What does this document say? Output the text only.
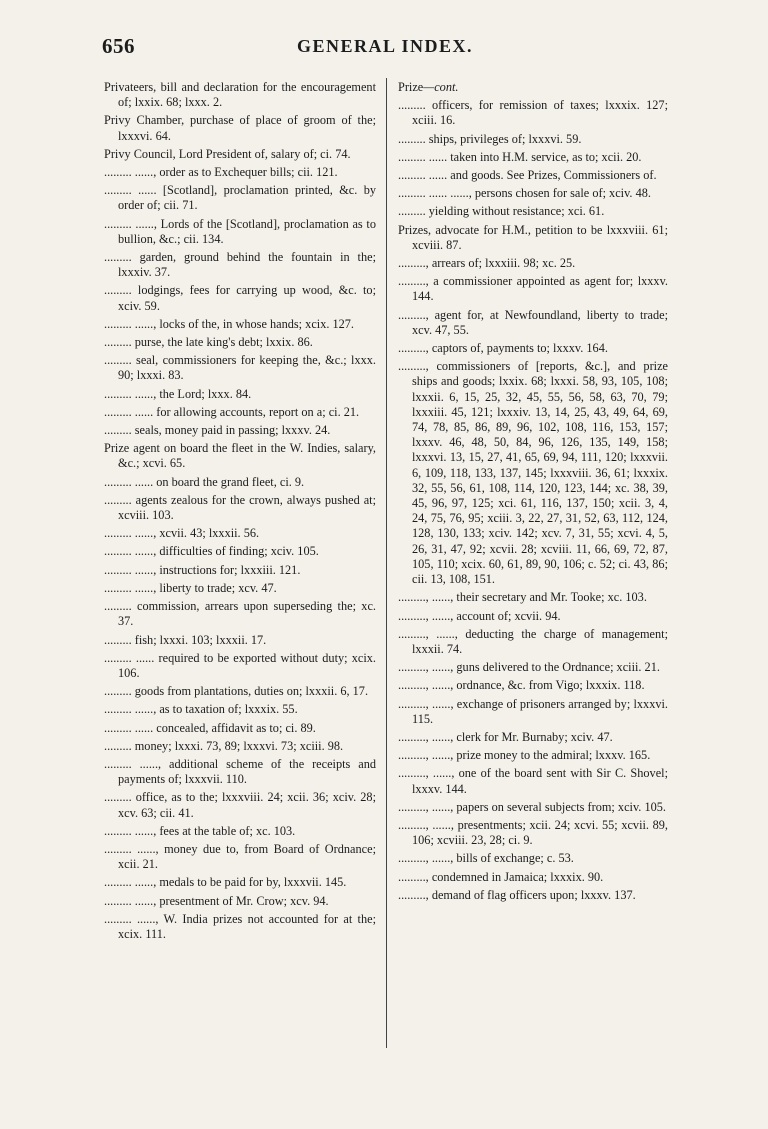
656	GENERAL INDEX.
Privateers, bill and declaration for the encouragement of; lxxix. 68; lxxx. 2.
Privy Chamber, purchase of place of groom of the; lxxxvi. 64.
Privy Council, Lord President of, salary of; ci. 74.
......... ......, order as to Exchequer bills; cii. 121.
......... ...... [Scotland], proclamation printed, &c. by order of; cii. 71.
......... ......, Lords of the [Scotland], proclamation as to bullion, &c.; cii. 134.
......... garden, ground behind the fountain in the; lxxxiv. 37.
......... lodgings, fees for carrying up wood, &c. to; xciv. 59.
......... ......, locks of the, in whose hands; xcix. 127.
......... purse, the late king's debt; lxxix. 86.
......... seal, commissioners for keeping the, &c.; lxxx. 90; lxxxi. 83.
......... ......, the Lord; lxxx. 84.
......... ...... for allowing accounts, report on a; ci. 21.
......... seals, money paid in passing; lxxxv. 24.
Prize agent on board the fleet in the W. Indies, salary, &c.; xcvi. 65.
......... ...... on board the grand fleet, ci. 9.
......... agents zealous for the crown, always pushed at; xcviii. 103.
......... ......, xcvii. 43; lxxxii. 56.
......... ......, difficulties of finding; xciv. 105.
......... ......, instructions for; lxxxiii. 121.
......... ......, liberty to trade; xcv. 47.
......... commission, arrears upon superseding the; xc. 37.
......... fish; lxxxi. 103; lxxxii. 17.
......... ...... required to be exported without duty; xcix. 106.
......... goods from plantations, duties on; lxxxii. 6, 17.
......... ......, as to taxation of; lxxxix. 55.
......... ...... concealed, affidavit as to; ci. 89.
......... money; lxxxi. 73, 89; lxxxvi. 73; xciii. 98.
......... ......, additional scheme of the receipts and payments of; lxxxvii. 110.
......... office, as to the; lxxxviii. 24; xcii. 36; xciv. 28; xcv. 63; cii. 41.
......... ......, fees at the table of; xc. 103.
......... ......, money due to, from Board of Ordnance; xcii. 21.
......... ......, medals to be paid for by, lxxxvii. 145.
......... ......, presentment of Mr. Crow; xcv. 94.
......... ......, W. India prizes not accounted for at the; xcix. 111.
Prize—cont.
......... officers, for remission of taxes; lxxxix. 127; xciii. 16.
......... ships, privileges of; lxxxvi. 59.
......... ...... taken into H.M. service, as to; xcii. 20.
......... ...... and goods. See Prizes, Commissioners of.
......... ...... ......, persons chosen for sale of; xciv. 48.
......... yielding without resistance; xci. 61.
Prizes, advocate for H.M., petition to be lxxxviii. 61; xcviii. 87.
........., arrears of; lxxxiii. 98; xc. 25.
........., a commissioner appointed as agent for; lxxxv. 144.
........., agent for, at Newfoundland, liberty to trade; xcv. 47, 55.
........., captors of, payments to; lxxxv. 164.
........., commissioners of [reports, &c.], and prize ships and goods; lxxix. 68; lxxxi. 58, 93, 105, 108; lxxxii. 6, 15, 25, 32, 45, 55, 56, 58, 63, 70, 79; lxxxiii. 45, 121; lxxxiv. 13, 14, 25, 43, 49, 64, 69, 74, 78, 85, 86, 89, 96, 102, 108, 116, 153, 157; lxxxv. 46, 48, 50, 84, 96, 126, 135, 149, 158; lxxxvi. 13, 15, 27, 41, 65, 69, 94, 111, 120; lxxxvii. 6, 109, 118, 133, 137, 145; lxxxviii. 36, 61; lxxxix. 32, 55, 56, 61, 108, 114, 120, 123, 144; xc. 38, 39, 45, 96, 97, 125; xci. 61, 116, 137, 150; xcii. 3, 4, 24, 75, 76, 95; xciii. 3, 22, 27, 31, 52, 63, 112, 124, 128, 130, 133; xciv. 142; xcv. 7, 31, 55; xcvi. 4, 5, 26, 31, 47, 92; xcvii. 28; xcviii. 11, 66, 69, 72, 87, 105, 110; xcix. 60, 61, 89, 90, 106; c. 52; ci. 43, 86; cii. 13, 108, 151.
........., ......, their secretary and Mr. Tooke; xc. 103.
........., ......, account of; xcvii. 94.
........., ......, deducting the charge of management; lxxxii. 74.
........., ......, guns delivered to the Ordnance; xciii. 21.
........., ......, ordnance, &c. from Vigo; lxxxix. 118.
........., ......, exchange of prisoners arranged by; lxxxvi. 115.
........., ......, clerk for Mr. Burnaby; xciv. 47.
........., ......, prize money to the admiral; lxxxv. 165.
........., ......, one of the board sent with Sir C. Shovel; lxxxv. 144.
........., ......, papers on several subjects from; xciv. 105.
........., ......, presentments; xcii. 24; xcvi. 55; xcvii. 89, 106; xcviii. 23, 28; ci. 9.
........., ......, bills of exchange; c. 53.
........., condemned in Jamaica; lxxxix. 90.
........., demand of flag officers upon; lxxxv. 137.
